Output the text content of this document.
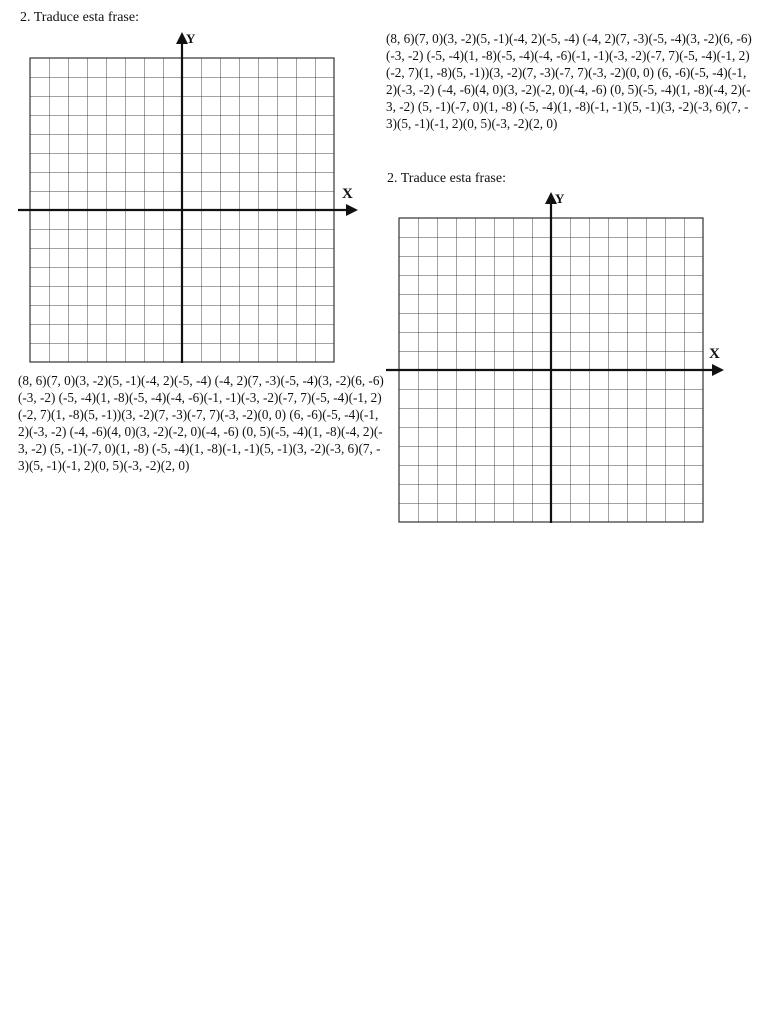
2. Traduce esta frase:

X
Y

(8, 6)(7, 0)(3, -2)(5, -1)(-4, 2)(-5, -4) (-4, 2)(7, -3)(-5, -4)(3, -2)(6, -6)(-3, -2) (-5, -4)(1, -8)(-5, -4)(-4, -6)(-1, -1)(-3, -2)(-7, 7)(-5, -4)(-1, 2) (-2, 7)(1, -8)(5, -1))(3, -2)(7, -3)(-7, 7)(-3, -2)(0, 0) (6, -6)(-5, -4)(-1, 2)(-3, -2) (-4, -6)(4, 0)(3, -2)(-2, 0)(-4, -6) (0, 5)(-5, -4)(1, -8)(-4, 2)(-3, -2) (5, -1)(-7, 0)(1, -8) (-5, -4)(1, -8)(-1, -1)(5, -1)(3, -2)(-3, 6)(7, -3)(5, -1)(-1, 2)(0, 5)(-3, -2)(2, 0)

(8, 6)(7, 0)(3, -2)(5, -1)(-4, 2)(-5, -4) (-4, 2)(7, -3)(-5, -4)(3, -2)(6, -6)(-3, -2) (-5, -4)(1, -8)(-5, -4)(-4, -6)(-1, -1)(-3, -2)(-7, 7)(-5, -4)(-1, 2) (-2, 7)(1, -8)(5, -1))(3, -2)(7, -3)(-7, 7)(-3, -2)(0, 0) (6, -6)(-5, -4)(-1, 2)(-3, -2) (-4, -6)(4, 0)(3, -2)(-2, 0)(-4, -6) (0, 5)(-5, -4)(1, -8)(-4, 2)(-3, -2) (5, -1)(-7, 0)(1, -8) (-5, -4)(1, -8)(-1, -1)(5, -1)(3, -2)(-3, 6)(7, -3)(5, -1)(-1, 2)(0, 5)(-3, -2)(2, 0)

2. Traduce esta frase:

X
Y
